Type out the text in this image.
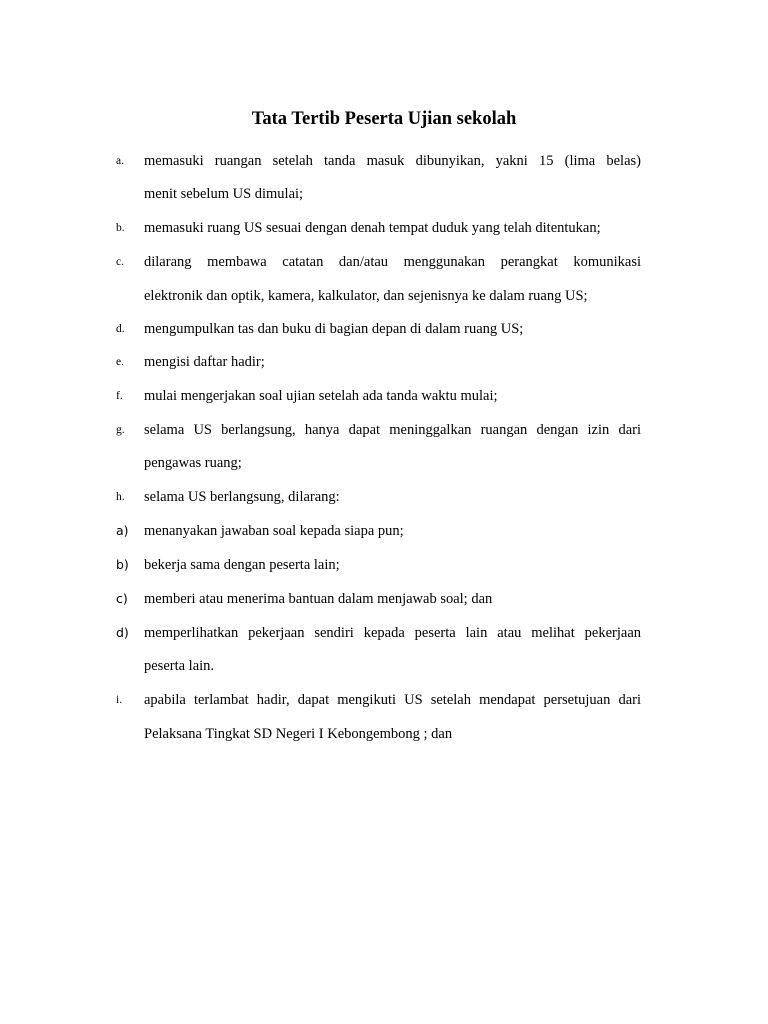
Tata Tertib Peserta Ujian sekolah
a. memasuki ruangan setelah tanda masuk dibunyikan, yakni 15 (lima belas)
menit sebelum US dimulai;
b. memasuki ruang US sesuai dengan denah tempat duduk yang telah ditentukan;
c. dilarang membawa catatan dan/atau menggunakan perangkat komunikasi
elektronik dan optik, kamera, kalkulator, dan sejenisnya ke dalam ruang US;
d. mengumpulkan tas dan buku di bagian depan di dalam ruang US;
e. mengisi daftar hadir;
f. mulai mengerjakan soal ujian setelah ada tanda waktu mulai;
g. selama US berlangsung, hanya dapat meninggalkan ruangan dengan izin dari
pengawas ruang;
h. selama US berlangsung, dilarang:
a) menanyakan jawaban soal kepada siapa pun;
b) bekerja sama dengan peserta lain;
c) memberi atau menerima bantuan dalam menjawab soal; dan
d) memperlihatkan pekerjaan sendiri kepada peserta lain atau melihat pekerjaan
peserta lain.
i. apabila terlambat hadir, dapat mengikuti US setelah mendapat persetujuan dari
Pelaksana Tingkat SD Negeri I Kebongembong ; dan
